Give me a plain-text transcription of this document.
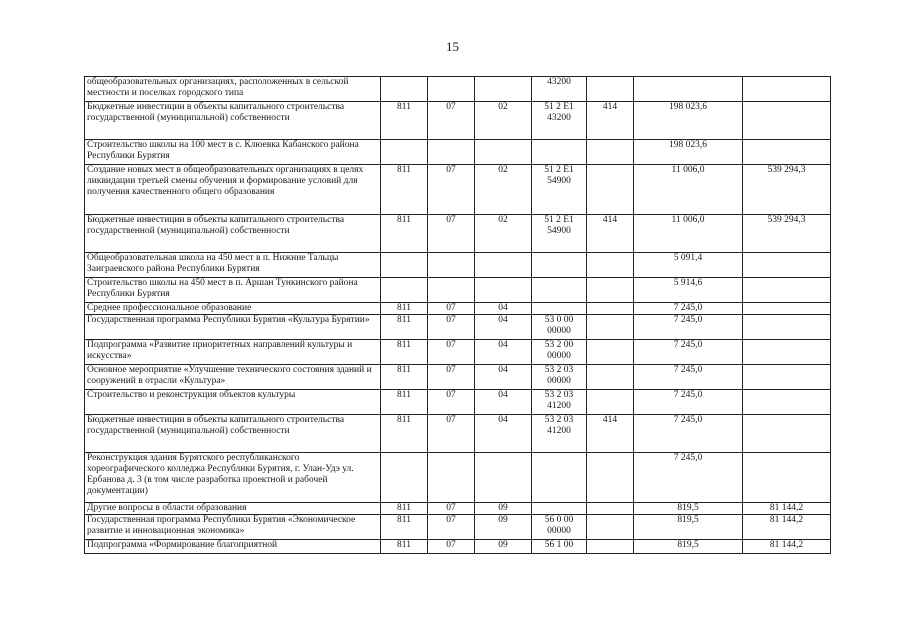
15
общеобразовательных организациях, расположенных в сельской местности и поселках городского типа				43200			
Бюджетные инвестиции в объекты капитального строительства государственной (муниципальной) собственности	811	07	02	51 2 E1 43200	414	198 023,6	
Строительство школы на 100 мест в с. Клюевка Кабанского района Республики Бурятия						198 023,6	
Создание новых мест в общеобразовательных организациях в целях ликвидации третьей смены обучения и формирование условий для получения качественного общего образования	811	07	02	51 2 E1 54900		11 006,0	539 294,3
Бюджетные инвестиции в объекты капитального строительства государственной (муниципальной) собственности	811	07	02	51 2 E1 54900	414	11 006,0	539 294,3
Общеобразовательная школа на 450 мест в п. Нижние Тальцы Заиграевского района Республики Бурятия						5 091,4	
Строительство школы на 450 мест в п. Аршан Тункинского района Республики Бурятия						5 914,6	
Среднее профессиональное образование	811	07	04			7 245,0	
Государственная программа Республики Бурятия «Культура Бурятии»	811	07	04	53 0 00 00000		7 245,0	
Подпрограмма «Развитие приоритетных направлений культуры и искусства»	811	07	04	53 2 00 00000		7 245,0	
Основное мероприятие «Улучшение технического состояния зданий и сооружений в отрасли «Культура»	811	07	04	53 2 03 00000		7 245,0	
Строительство и реконструкция объектов культуры	811	07	04	53 2 03 41200		7 245,0	
Бюджетные инвестиции в объекты капитального строительства государственной (муниципальной) собственности	811	07	04	53 2 03 41200	414	7 245,0	
Реконструкция здания Бурятского республиканского хореографического колледжа Республики Бурятия, г. Улан-Удэ ул. Ербанова д. 3 (в том числе разработка проектной и рабочей документации)						7 245,0	
Другие вопросы в области образования	811	07	09			819,5	81 144,2
Государственная программа Республики Бурятия «Экономическое развитие и инновационная экономика»	811	07	09	56 0 00 00000		819,5	81 144,2
Подпрограмма «Формирование благоприятной	811	07	09	56 1 00		819,5	81 144,2
